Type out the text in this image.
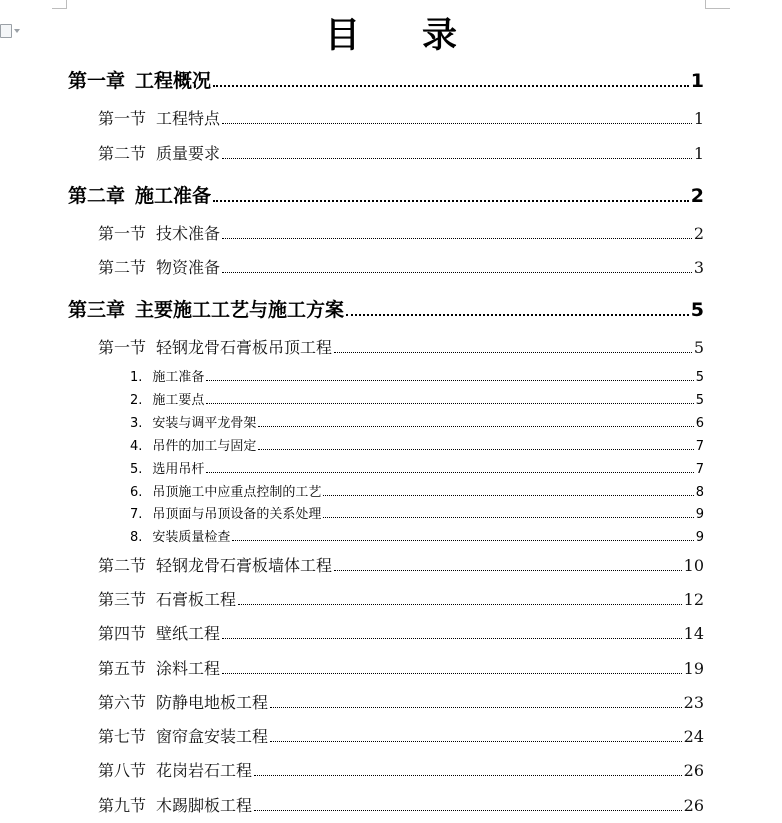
目 录
第一章 工程概况	1
第一节 工程特点	1
第二节 质量要求	1
第二章 施工准备	2
第一节 技术准备	2
第二节 物资准备	3
第三章 主要施工工艺与施工方案	5
第一节 轻钢龙骨石膏板吊顶工程	5
1. 施工准备	5
2. 施工要点	5
3. 安装与调平龙骨架	6
4. 吊件的加工与固定	7
5. 选用吊杆	7
6. 吊顶施工中应重点控制的工艺	8
7. 吊顶面与吊顶设备的关系处理	9
8. 安装质量检查	9
第二节 轻钢龙骨石膏板墙体工程	10
第三节 石膏板工程	12
第四节 壁纸工程	14
第五节 涂料工程	19
第六节 防静电地板工程	23
第七节 窗帘盒安装工程	24
第八节 花岗岩石工程	26
第九节 木踢脚板工程	26
